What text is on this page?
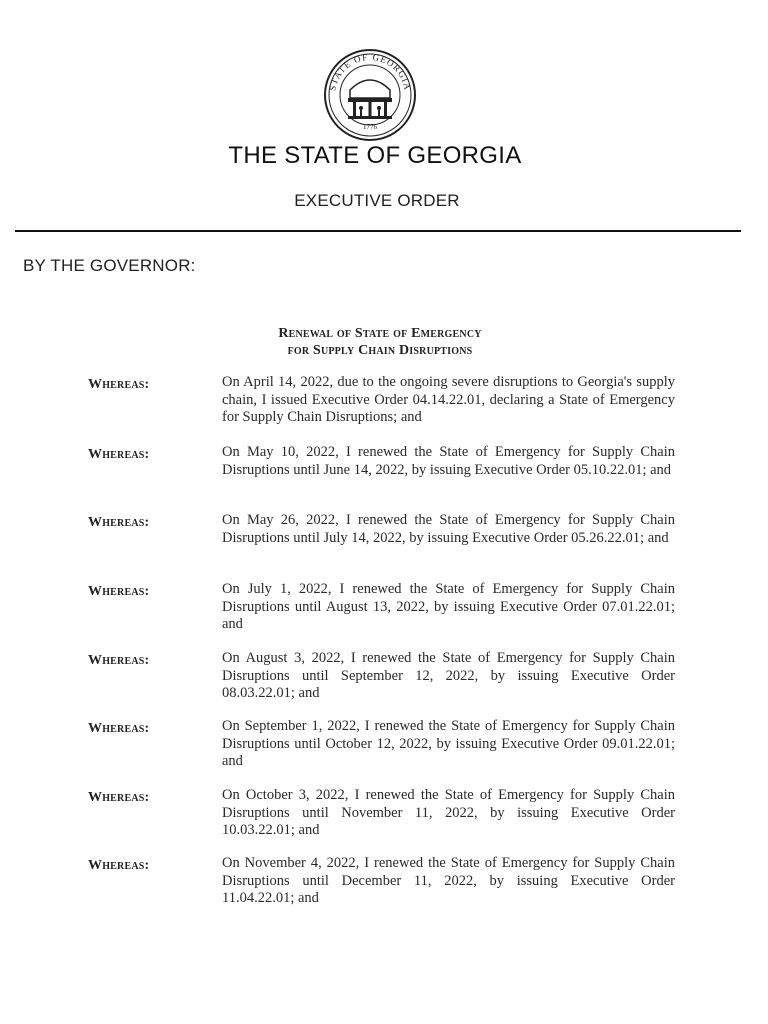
STATE OF GEORGIA
1776
THE STATE OF GEORGIA
EXECUTIVE ORDER
BY THE GOVERNOR:
Renewal of State of Emergency
for Supply Chain Disruptions
Whereas:	On April 14, 2022, due to the ongoing severe disruptions to Georgia's supply chain, I issued Executive Order 04.14.22.01, declaring a State of Emergency for Supply Chain Disruptions; and
Whereas:	On May 10, 2022, I renewed the State of Emergency for Supply Chain Disruptions until June 14, 2022, by issuing Executive Order 05.10.22.01; and
Whereas:	On May 26, 2022, I renewed the State of Emergency for Supply Chain Disruptions until July 14, 2022, by issuing Executive Order 05.26.22.01; and
Whereas:	On July 1, 2022, I renewed the State of Emergency for Supply Chain Disruptions until August 13, 2022, by issuing Executive Order 07.01.22.01; and
Whereas:	On August 3, 2022, I renewed the State of Emergency for Supply Chain Disruptions until September 12, 2022, by issuing Executive Order 08.03.22.01; and
Whereas:	On September 1, 2022, I renewed the State of Emergency for Supply Chain Disruptions until October 12, 2022, by issuing Executive Order 09.01.22.01; and
Whereas:	On October 3, 2022, I renewed the State of Emergency for Supply Chain Disruptions until November 11, 2022, by issuing Executive Order 10.03.22.01; and
Whereas:	On November 4, 2022, I renewed the State of Emergency for Supply Chain Disruptions until December 11, 2022, by issuing Executive Order 11.04.22.01; and
